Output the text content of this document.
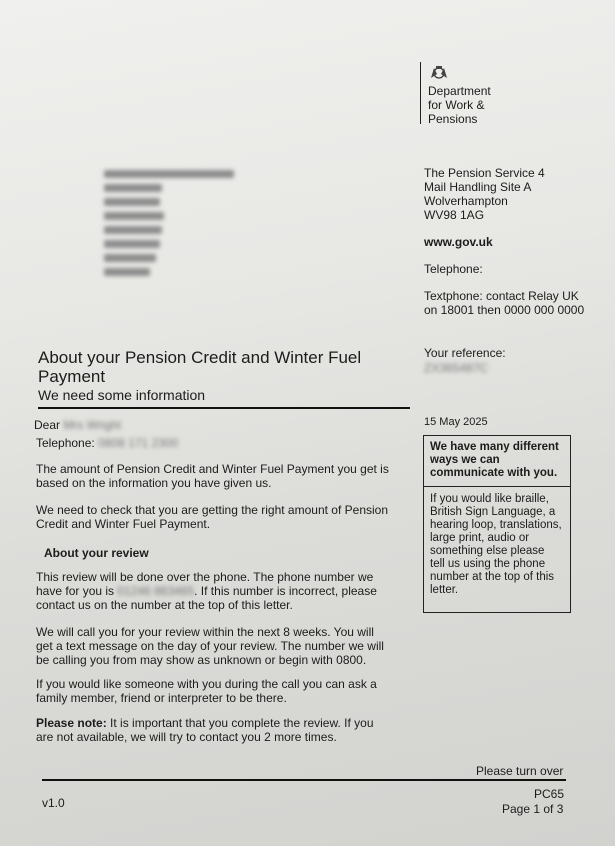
Department
for Work &
Pensions
The Pension Service 4
Mail Handling Site A
Wolverhampton
WV98 1AG
www.gov.uk
Telephone:
Textphone: contact Relay UK
on 18001 then 0000 000 0000
Your reference:
ZX365487C
About your Pension Credit and Winter Fuel
Payment
We need some information
15 May 2025
Dear Mrs Wright
Telephone: 0808 171 2300
The amount of Pension Credit and Winter Fuel Payment you get is
based on the information you have given us.
We need to check that you are getting the right amount of Pension
Credit and Winter Fuel Payment.
About your review
This review will be done over the phone. The phone number we
have for you is 01246 863465. If this number is incorrect, please
contact us on the number at the top of this letter.
We will call you for your review within the next 8 weeks. You will
get a text message on the day of your review. The number we will
be calling you from may show as unknown or begin with 0800.
If you would like someone with you during the call you can ask a
family member, friend or interpreter to be there.
Please note: It is important that you complete the review. If you
are not available, we will try to contact you 2 more times.
We have many different
ways we can
communicate with you.
If you would like braille,
British Sign Language, a
hearing loop, translations,
large print, audio or
something else please
tell us using the phone
number at the top of this
letter.
Please turn over
v1.0
PC65
Page 1 of 3
